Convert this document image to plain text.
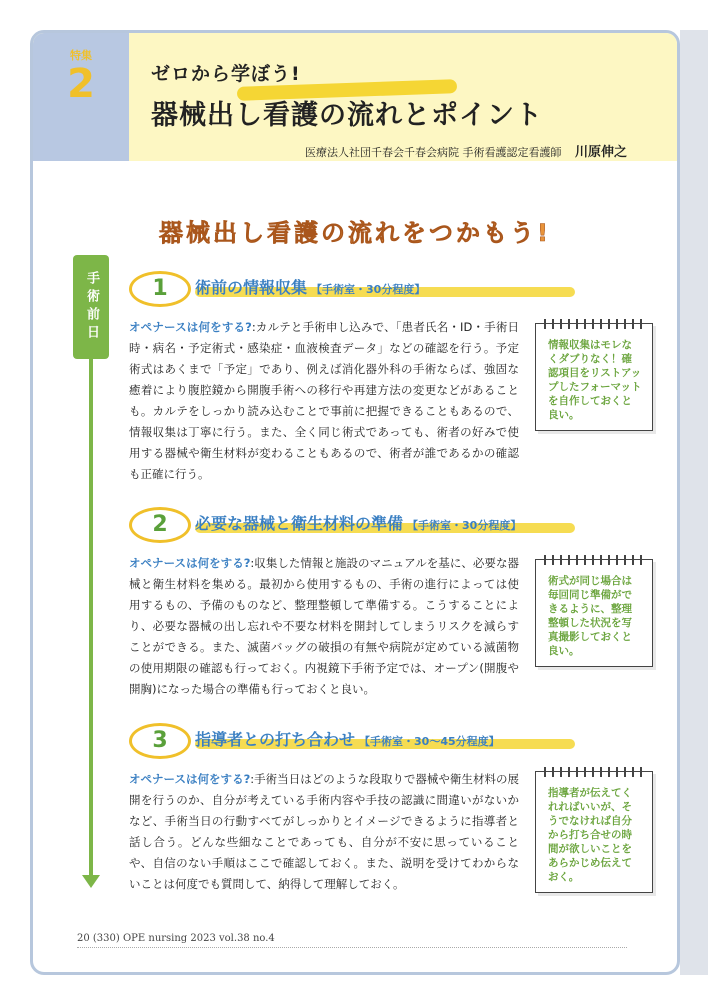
特集
2	ゼロから学ぼう!
器械出し看護の流れとポイント
医療法人社団千春会千春会病院 手術看護認定看護師 川原伸之
器械出し看護の流れをつかもう!
手術前日	1	術前の情報収集 【手術室・30分程度】
オペナースは何をする?:カルテと手術申し込みで、「患者氏名・ID・手術日時・病名・予定術式・感染症・血液検査データ」などの確認を行う。予定術式はあくまで「予定」であり、例えば消化器外科の手術ならば、強固な癒着により腹腔鏡から開腹手術への移行や再建方法の変更などがあることも。カルテをしっかり読み込むことで事前に把握できることもあるので、情報収集は丁寧に行う。また、全く同じ術式であっても、術者の好みで使用する器械や衛生材料が変わることもあるので、術者が誰であるかの確認も正確に行う。
情報収集はモレなくダブりなく！確認項目をリストアップしたフォーマットを自作しておくと良い。
2	必要な器械と衛生材料の準備 【手術室・30分程度】
オペナースは何をする?:収集した情報と施設のマニュアルを基に、必要な器械と衛生材料を集める。最初から使用するもの、手術の進行によっては使用するもの、予備のものなど、整理整頓して準備する。こうすることにより、必要な器械の出し忘れや不要な材料を開封してしまうリスクを減らすことができる。また、滅菌バッグの破損の有無や病院が定めている滅菌物の使用期限の確認も行っておく。内視鏡下手術予定では、オープン(開腹や開胸)になった場合の準備も行っておくと良い。
術式が同じ場合は毎回同じ準備ができるように、整理整頓した状況を写真撮影しておくと良い。
3	指導者との打ち合わせ 【手術室・30〜45分程度】
オペナースは何をする?:手術当日はどのような段取りで器械や衛生材料の展開を行うのか、自分が考えている手術内容や手技の認識に間違いがないかなど、手術当日の行動すべてがしっかりとイメージできるように指導者と話し合う。どんな些細なことであっても、自分が不安に思っていることや、自信のない手順はここで確認しておく。また、説明を受けてわからないことは何度でも質問して、納得して理解しておく。
指導者が伝えてくれればいいが、そうでなければ自分から打ち合せの時間が欲しいことをあらかじめ伝えておく。
20 (330) OPE nursing 2023 vol.38 no.4
